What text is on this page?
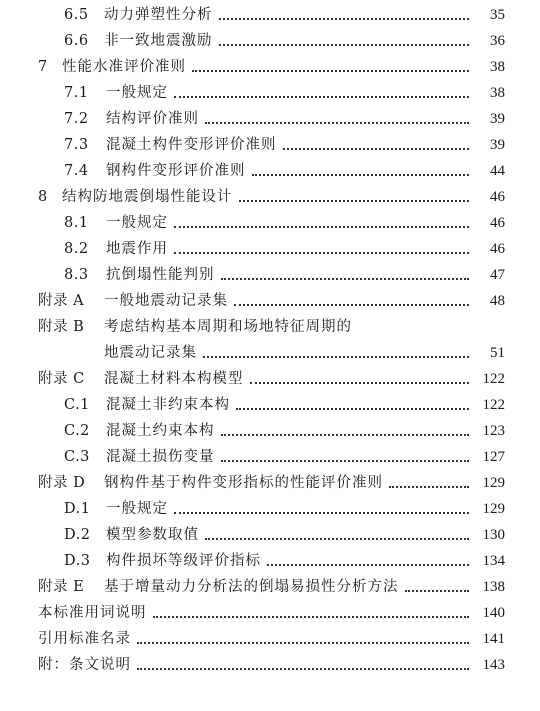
6.5	动力弹塑性分析	35
6.6	非一致地震激励	36
7 性能水准评价准则	38
7.1	一般规定	38
7.2	结构评价准则	39
7.3	混凝土构件变形评价准则	39
7.4	钢构件变形评价准则	44
8 结构防地震倒塌性能设计	46
8.1	一般规定	46
8.2	地震作用	46
8.3	抗倒塌性能判别	47
附录 A	一般地震动记录集	48
附录 B	考虑结构基本周期和场地特征周期的
地震动记录集	51
附录 C	混凝土材料本构模型	122
C.1	混凝土非约束本构	122
C.2	混凝土约束本构	123
C.3	混凝土损伤变量	127
附录 D	钢构件基于构件变形指标的性能评价准则	129
D.1	一般规定	129
D.2	模型参数取值	130
D.3	构件损坏等级评价指标	134
附录 E	基于增量动力分析法的倒塌易损性分析方法	138
本标准用词说明	140
引用标准名录	141
附：条文说明	143
